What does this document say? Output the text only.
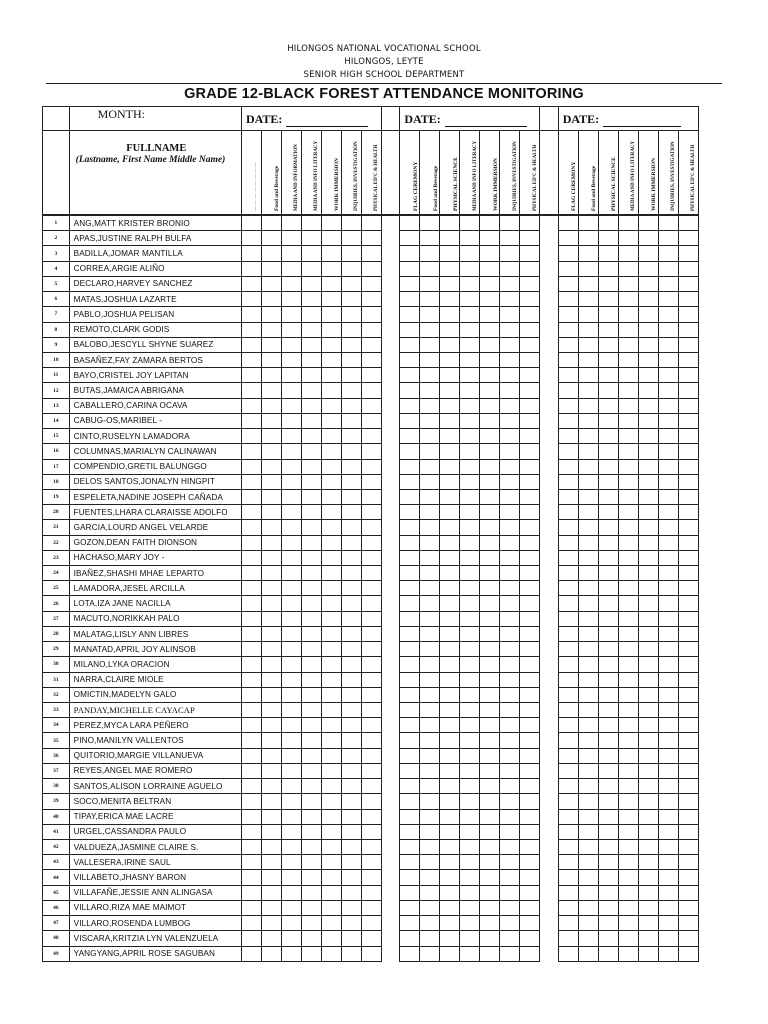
HILONGOS NATIONAL VOCATIONAL SCHOOL
HILONGOS, LEYTE
SENIOR HIGH SCHOOL DEPARTMENT
GRADE 12-BLACK FOREST ATTENDANCE MONITORING
	MONTH:	DATE:								DATE:								DATE:						

	FULLNAME
(Lastname, First Name Middle Name)	— — — — — — — —	Food and Beverage	MEDIA AND INFORMATION	MEDIA AND INFO LITERACY	WORK IMMERSION	INQUIRIES, INVESTIGATION	PHYSICAL ED'C & HEALTH		FLAG CEREMONY	Food and Beverage	PHYSICAL SCIENCE	MEDIA AND INFO LITERACY	WORK IMMERSION	INQUIRIES, INVESTIGATION	PHYSICAL ED'C & HEALTH		FLAG CEREMONY	Food and Beverage	PHYSICAL SCIENCE	MEDIA AND INFO LITERACY	WORK IMMERSION	INQUIRIES, INVESTIGATION	PHYSICAL ED'C & HEALTH

1	ANG,MATT KRISTER BRONIO																							
2	APAS,JUSTINE RALPH BULFA																							
3	BADILLA,JOMAR MANTILLA																							
4	CORREA,ARGIE ALIÑO																							
5	DECLARO,HARVEY SANCHEZ																							
6	MATAS,JOSHUA LAZARTE																							
7	PABLO,JOSHUA PELISAN																							
8	REMOTO,CLARK GODIS																							
9	BALOBO,JESCYLL SHYNE SUAREZ																							
10	BASAÑEZ,FAY ZAMARA BERTOS																							
11	BAYO,CRISTEL JOY LAPITAN																							
12	BUTAS,JAMAICA ABRIGANA																							
13	CABALLERO,CARINA OCAVA																							
14	CABUG-OS,MARIBEL -																							
15	CINTO,RUSELYN LAMADORA																							
16	COLUMNAS,MARIALYN CALINAWAN																							
17	COMPENDIO,GRETIL BALUNGGO																							
18	DELOS SANTOS,JONALYN HINGPIT																							
19	ESPELETA,NADINE JOSEPH CAÑADA																							
20	FUENTES,LHARA CLARAISSE ADOLFO																							
21	GARCIA,LOURD ANGEL VELARDE																							
22	GOZON,DEAN FAITH DIONSON																							
23	HACHASO,MARY JOY -																							
24	IBAÑEZ,SHASHI MHAE LEPARTO																							
25	LAMADORA,JESEL ARCILLA																							
26	LOTA,IZA JANE NACILLA																							
27	MACUTO,NORIKKAH PALO																							
28	MALATAG,LISLY ANN LIBRES																							
29	MANATAD,APRIL JOY ALINSOB																							
30	MILANO,LYKA ORACION																							
31	NARRA,CLAIRE MIOLE																							
32	OMICTIN,MADELYN GALO																							
33	PANDAY,MICHELLE CAYACAP																							
34	PEREZ,MYCA LARA PEÑERO																							
35	PINO,MANILYN VALLENTOS																							
36	QUITORIO,MARGIE VILLANUEVA																							
37	REYES,ANGEL MAE ROMERO																							
38	SANTOS,ALISON LORRAINE AGUELO																							
39	SOCO,MENITA BELTRAN																							
40	TIPAY,ERICA MAE LACRE																							
41	URGEL,CASSANDRA PAULO																							
42	VALDUEZA,JASMINE CLAIRE S.																							
43	VALLESERA,IRINE SAUL																							
44	VILLABETO,JHASNY BARON																							
45	VILLAFAÑE,JESSIE ANN ALINGASA																							
46	VILLARO,RIZA MAE MAIMOT																							
47	VILLARO,ROSENDA LUMBOG																							
48	VISCARA,KRITZIA LYN VALENZUELA																							
49	YANGYANG,APRIL ROSE SAGUBAN																							
